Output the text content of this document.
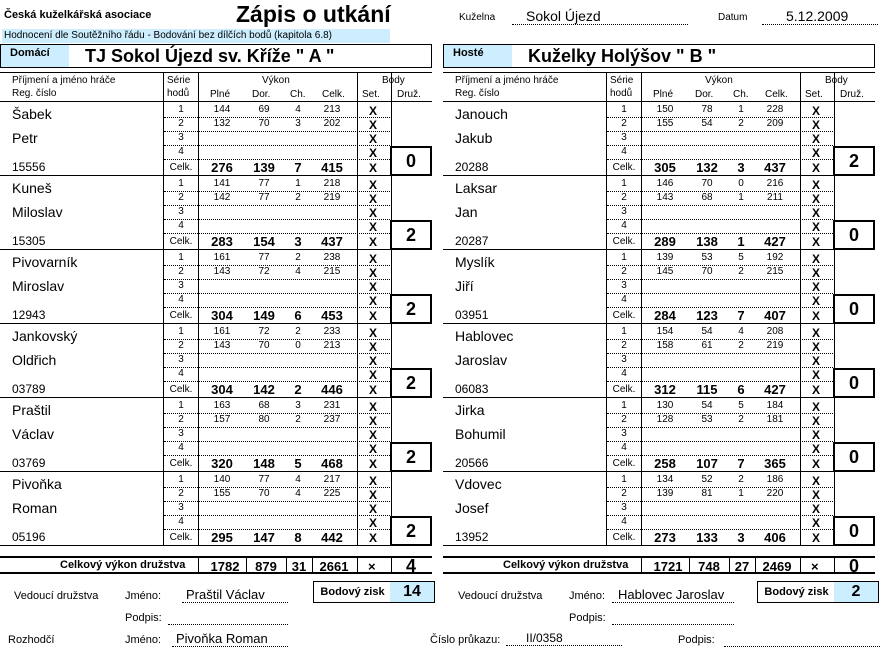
Česká kuželkářská asociace
Hodnocení dle Soutěžního řádu - Bodování bez dílčích bodů (kapitola 6.8)
Zápis o utkání	Kuželna	Sokol Újezd	Datum	5.12.2009
Domácí	TJ Sokol Újezd sv. Kříže " A "
Příjmení a jméno hráče
Reg. číslo
Série
hodů
Výkon
Plné Dor. Ch. Celk.
Body
Set. Druž.
Šabek
Petr
15556
1	144	69	4	213	X
2	132	70	3	202	X
3	X
4	X
Celk.	276	139	7	415	X	0
Kuneš
Miloslav
15305
1	141	77	1	218	X
2	142	77	2	219	X
3	X
4	X
Celk.	283	154	3	437	X	2
Pivovarník
Miroslav
12943
1	161	77	2	238	X
2	143	72	4	215	X
3	X
4	X
Celk.	304	149	6	453	X	2
Jankovský
Oldřich
03789
1	161	72	2	233	X
2	143	70	0	213	X
3	X
4	X
Celk.	304	142	2	446	X	2
Praštil
Václav
03769
1	163	68	3	231	X
2	157	80	2	237	X
3	X
4	X
Celk.	320	148	5	468	X	2
Pivoňka
Roman
05196
1	140	77	4	217	X
2	155	70	4	225	X
3	X
4	X
Celk.	295	147	8	442	X	2
Celkový výkon družstva	1782	879	31	2661	× 4
Hosté	Kuželky Holýšov " B "
Příjmení a jméno hráče
Reg. číslo
Série
hodů
Výkon
Plné Dor. Ch. Celk.
Body
Set. Druž.
Janouch
Jakub
20288
1	150	78	1	228	X
2	155	54	2	209	X
3	X
4	X
Celk.	305	132	3	437	X	2
Laksar
Jan
20287
1	146	70	0	216	X
2	143	68	1	211	X
3	X
4	X
Celk.	289	138	1	427	X	0
Myslík
Jiří
03951
1	139	53	5	192	X
2	145	70	2	215	X
3	X
4	X
Celk.	284	123	7	407	X	0
Hablovec
Jaroslav
06083
1	154	54	4	208	X
2	158	61	2	219	X
3	X
4	X
Celk.	312	115	6	427	X	0
Jirka
Bohumil
20566
1	130	54	5	184	X
2	128	53	2	181	X
3	X
4	X
Celk.	258	107	7	365	X	0
Vdovec
Josef
13952
1	134	52	2	186	X
2	139	81	1	220	X
3	X
4	X
Celk.	273	133	3	406	X	0
Celkový výkon družstva	1721	748	27	2469	× 0
Vedoucí družstva Jméno:	Praštil Václav
Podpis:
Bodový zisk	14	Vedoucí družstva Jméno: Hablovec Jaroslav
Podpis:
Bodový zisk	2
Rozhodčí	Jméno:	Pivoňka Roman	Číslo průkazu:	II/0358	Podpis:
